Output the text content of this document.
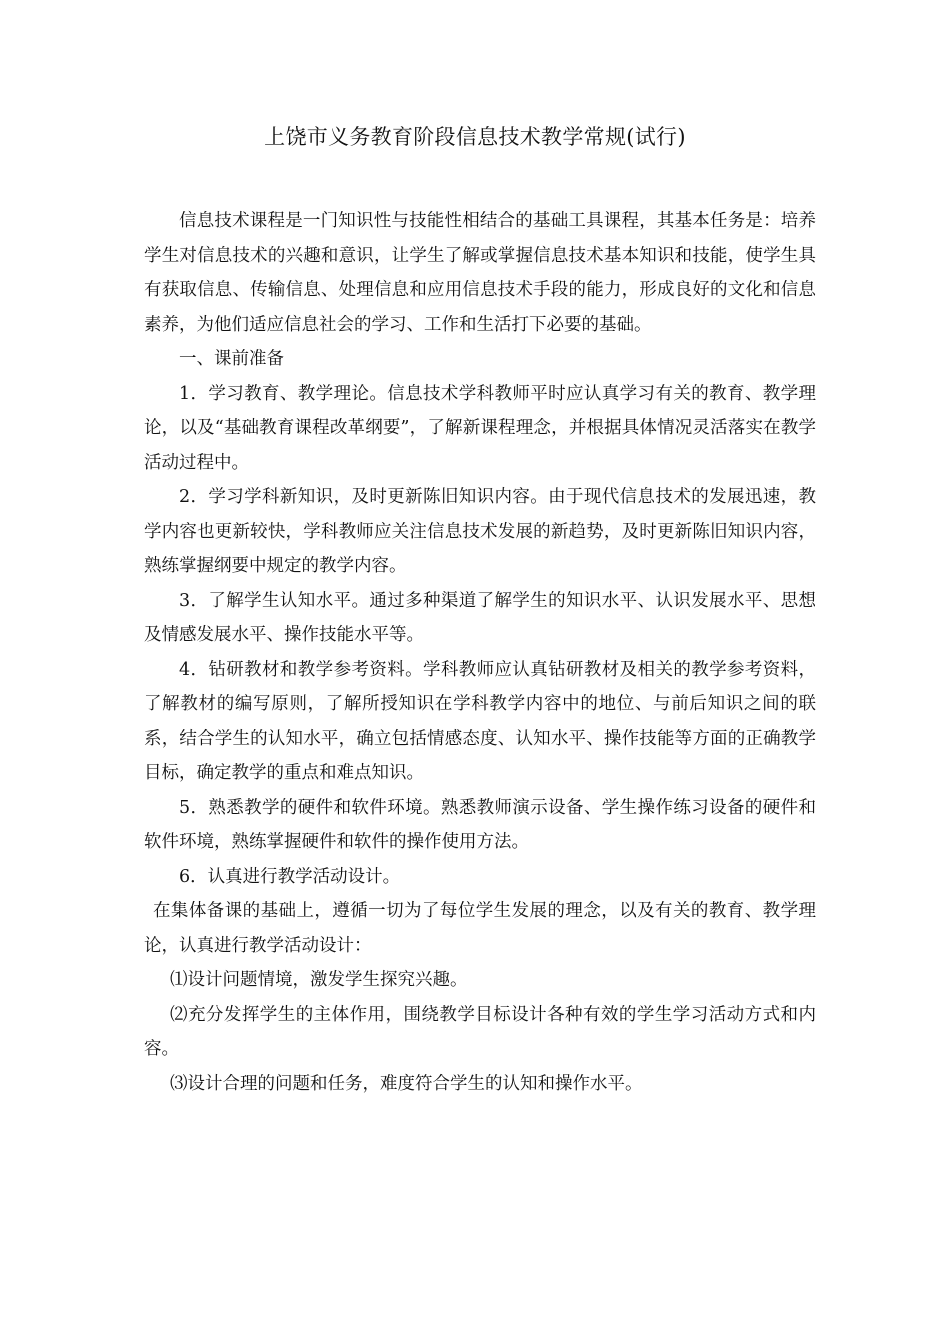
上饶市义务教育阶段信息技术教学常规(试行)

信息技术课程是一门知识性与技能性相结合的基础工具课程，其基本任务是：培养学生对信息技术的兴趣和意识，让学生了解或掌握信息技术基本知识和技能，使学生具有获取信息、传输信息、处理信息和应用信息技术手段的能力，形成良好的文化和信息素养，为他们适应信息社会的学习、工作和生活打下必要的基础。

一、课前准备

1．学习教育、教学理论。信息技术学科教师平时应认真学习有关的教育、教学理论，以及“基础教育课程改革纲要”，了解新课程理念，并根据具体情况灵活落实在教学活动过程中。

2．学习学科新知识，及时更新陈旧知识内容。由于现代信息技术的发展迅速，教学内容也更新较快，学科教师应关注信息技术发展的新趋势，及时更新陈旧知识内容，熟练掌握纲要中规定的教学内容。

3．了解学生认知水平。通过多种渠道了解学生的知识水平、认识发展水平、思想及情感发展水平、操作技能水平等。

4．钻研教材和教学参考资料。学科教师应认真钻研教材及相关的教学参考资料，了解教材的编写原则，了解所授知识在学科教学内容中的地位、与前后知识之间的联系，结合学生的认知水平，确立包括情感态度、认知水平、操作技能等方面的正确教学目标，确定教学的重点和难点知识。

5．熟悉教学的硬件和软件环境。熟悉教师演示设备、学生操作练习设备的硬件和软件环境，熟练掌握硬件和软件的操作使用方法。

6．认真进行教学活动设计。

在集体备课的基础上，遵循一切为了每位学生发展的理念，以及有关的教育、教学理论，认真进行教学活动设计：

⑴设计问题情境，激发学生探究兴趣。

⑵充分发挥学生的主体作用，围绕教学目标设计各种有效的学生学习活动方式和内容。

⑶设计合理的问题和任务，难度符合学生的认知和操作水平。
